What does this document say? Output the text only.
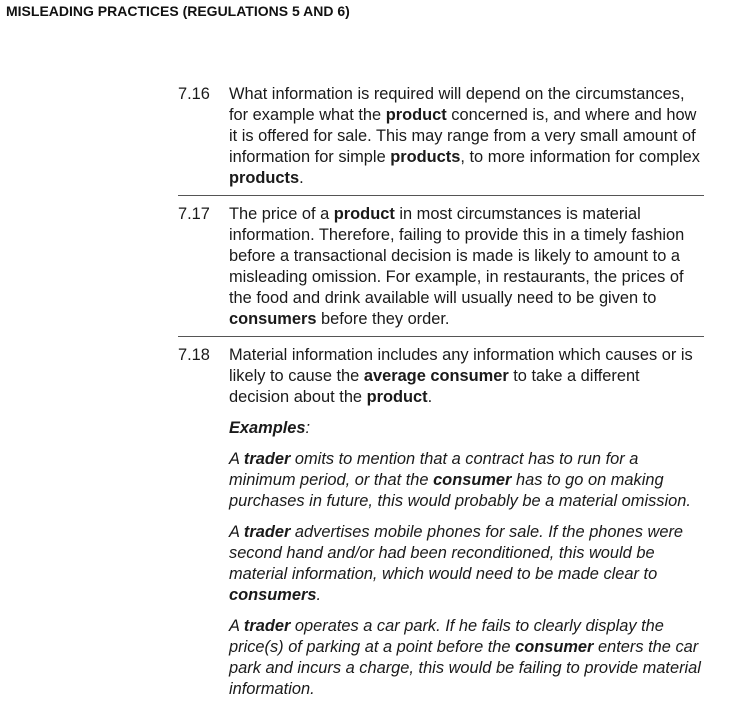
MISLEADING PRACTICES (REGULATIONS 5 AND 6)
7.16	What information is required will depend on the circumstances, for example what the product concerned is, and where and how it is offered for sale. This may range from a very small amount of information for simple products, to more information for complex products.

7.17	The price of a product in most circumstances is material information. Therefore, failing to provide this in a timely fashion before a transactional decision is made is likely to amount to a misleading omission. For example, in restaurants, the prices of the food and drink available will usually need to be given to consumers before they order.

7.18	Material information includes any information which causes or is likely to cause the average consumer to take a different decision about the product.

Examples:

A trader omits to mention that a contract has to run for a minimum period, or that the consumer has to go on making purchases in future, this would probably be a material omission.

A trader advertises mobile phones for sale. If the phones were second hand and/or had been reconditioned, this would be material information, which would need to be made clear to consumers.

A trader operates a car park. If he fails to clearly display the price(s) of parking at a point before the consumer enters the car park and incurs a charge, this would be failing to provide material information.
